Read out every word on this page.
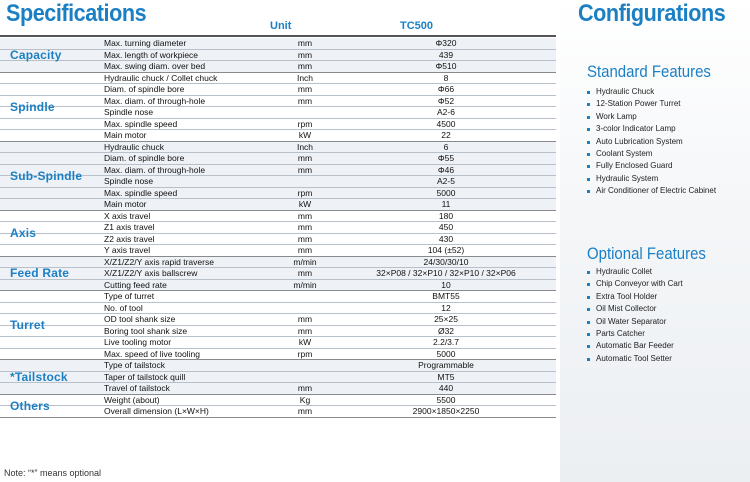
Specifications	Unit	TC500
Capacity
Max. turning diameter	mm	Φ320
Max. length of workpiece	mm	439
Max. swing diam. over bed	mm	Φ510
Spindle
Hydraulic chuck / Collet chuck	Inch	8
Diam. of spindle bore	mm	Φ66
Max. diam. of through-hole	mm	Φ52
Spindle nose	A2-6
Max. spindle speed	rpm	4500
Main motor	kW	22
Sub-Spindle
Hydraulic chuck	Inch	6
Diam. of spindle bore	mm	Φ55
Max. diam. of through-hole	mm	Φ46
Spindle nose	A2-5
Max. spindle speed	rpm	5000
Main motor	kW	11
Axis
X axis travel	mm	180
Z1 axis travel	mm	450
Z2 axis travel	mm	430
Y axis travel	mm	104 (±52)
Feed Rate
X/Z1/Z2/Y axis rapid traverse	m/min	24/30/30/10
X/Z1/Z2/Y axis ballscrew	mm	32×P08 / 32×P10 / 32×P10 / 32×P06
Cutting feed rate	m/min	10
Turret
Type of turret	BMT55
No. of tool	12
OD tool shank size	mm	25×25
Boring tool shank size	mm	Ø32
Live tooling motor	kW	2.2/3.7
Max. speed of live tooling	rpm	5000
*Tailstock
Type of tailstock	Programmable
Taper of tailstock quill	MT5
Travel of tailstock	mm	440
Others	Weight (about)	Kg	5500
Overall dimension (L×W×H)	mm	2900×1850×2250
Note: “*” means optional
Configurations
Standard Features
Hydraulic Chuck
12-Station Power Turret
Work Lamp
3-color Indicator Lamp
Auto Lubrication System
Coolant System
Fully Enclosed Guard
Hydraulic System
Air Conditioner of Electric Cabinet
Optional Features
Hydraulic Collet
Chip Conveyor with Cart
Extra Tool Holder
Oil Mist Collector
Oil Water Separator
Parts Catcher
Automatic Bar Feeder
Automatic Tool Setter
